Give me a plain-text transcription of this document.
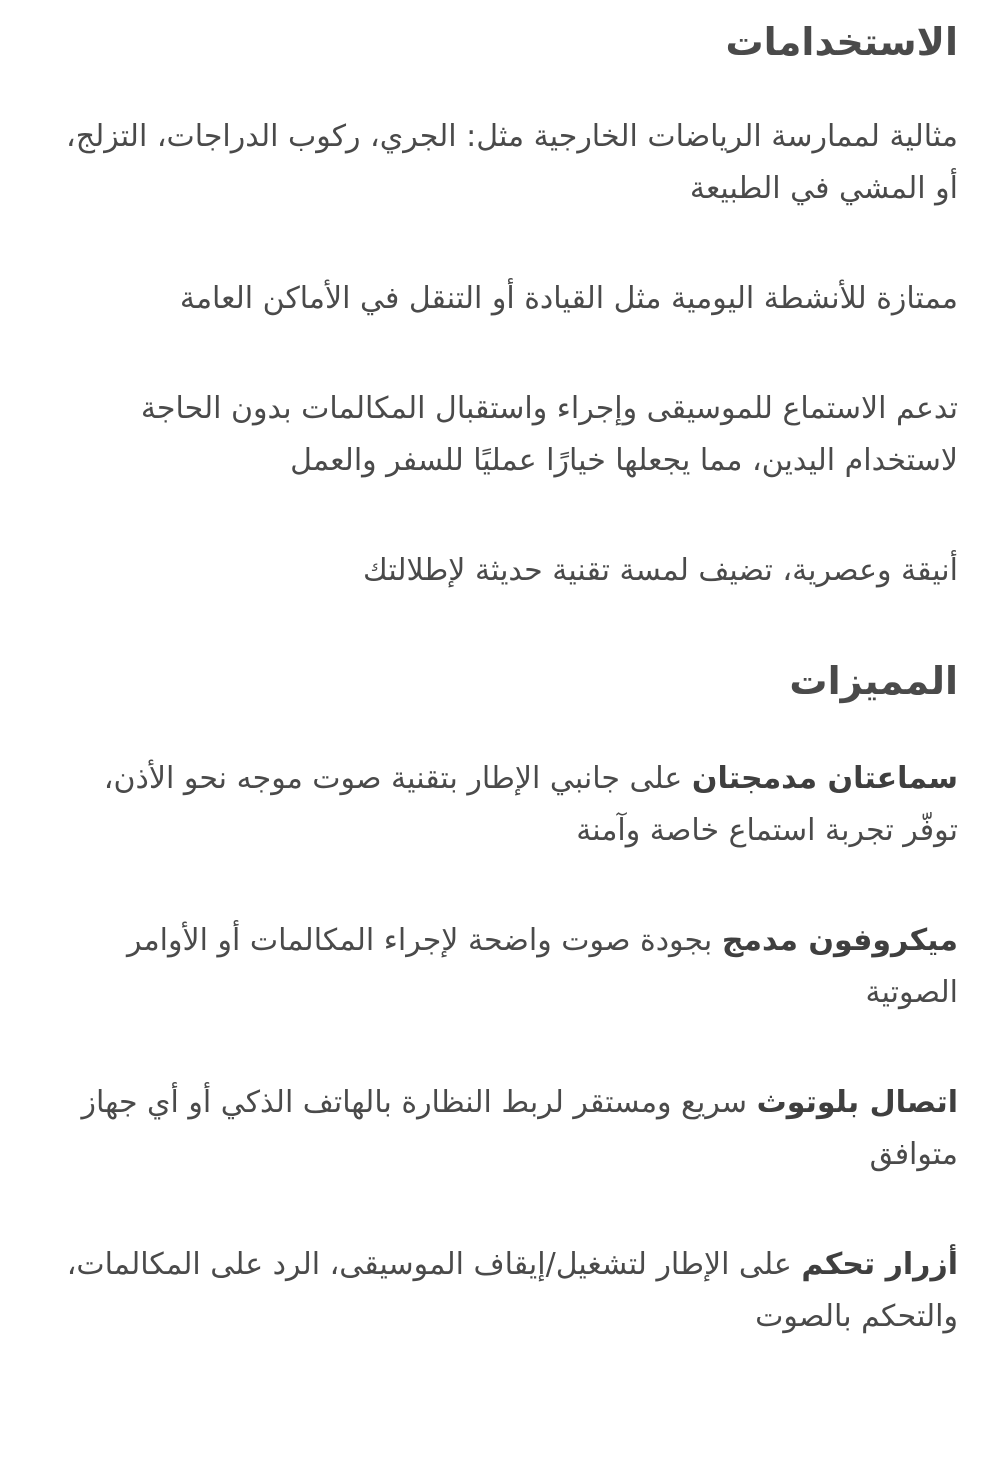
الاستخدامات

مثالية لممارسة الرياضات الخارجية مثل: الجري، ركوب الدراجات، التزلج، أو المشي في الطبيعة

ممتازة للأنشطة اليومية مثل القيادة أو التنقل في الأماكن العامة

تدعم الاستماع للموسيقى وإجراء واستقبال المكالمات بدون الحاجة لاستخدام اليدين، مما يجعلها خيارًا عمليًا للسفر والعمل

أنيقة وعصرية، تضيف لمسة تقنية حديثة لإطلالتك

المميزات

سماعتان مدمجتان على جانبي الإطار بتقنية صوت موجه نحو الأذن، توفّر تجربة استماع خاصة وآمنة

ميكروفون مدمج بجودة صوت واضحة لإجراء المكالمات أو الأوامر الصوتية

اتصال بلوتوث سريع ومستقر لربط النظارة بالهاتف الذكي أو أي جهاز متوافق

أزرار تحكم على الإطار لتشغيل/إيقاف الموسيقى، الرد على المكالمات، والتحكم بالصوت
